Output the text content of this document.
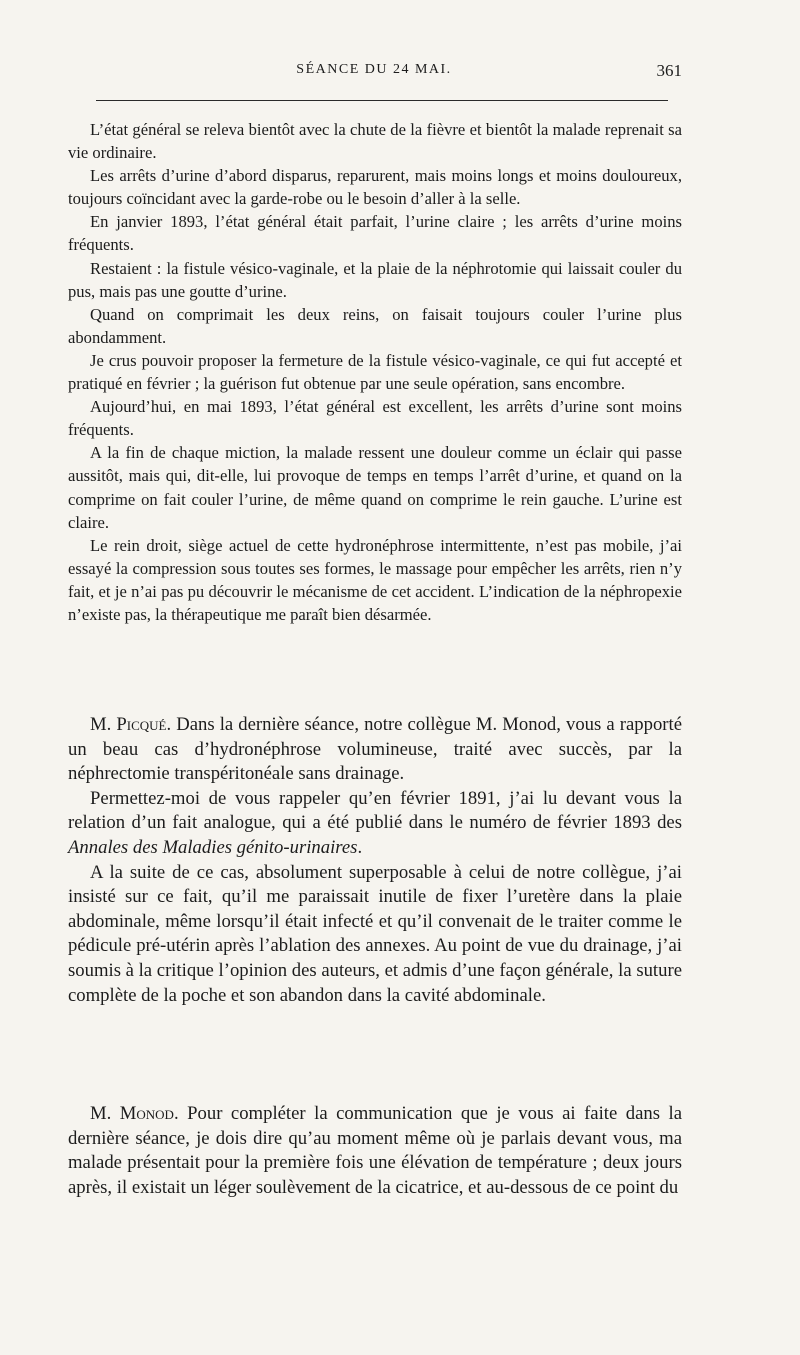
SÉANCE DU 24 MAI.	361

L’état général se releva bientôt avec la chute de la fièvre et bientôt la malade reprenait sa vie ordinaire.

Les arrêts d’urine d’abord disparus, reparurent, mais moins longs et moins douloureux, toujours coïncidant avec la garde-robe ou le besoin d’aller à la selle.

En janvier 1893, l’état général était parfait, l’urine claire ; les arrêts d’urine moins fréquents.

Restaient : la fistule vésico-vaginale, et la plaie de la néphrotomie qui laissait couler du pus, mais pas une goutte d’urine.

Quand on comprimait les deux reins, on faisait toujours couler l’urine plus abondamment.

Je crus pouvoir proposer la fermeture de la fistule vésico-vaginale, ce qui fut accepté et pratiqué en février ; la guérison fut obtenue par une seule opération, sans encombre.

Aujourd’hui, en mai 1893, l’état général est excellent, les arrêts d’urine sont moins fréquents.

A la fin de chaque miction, la malade ressent une douleur comme un éclair qui passe aussitôt, mais qui, dit-elle, lui provoque de temps en temps l’arrêt d’urine, et quand on la comprime on fait couler l’urine, de même quand on comprime le rein gauche. L’urine est claire.

Le rein droit, siège actuel de cette hydronéphrose intermittente, n’est pas mobile, j’ai essayé la compression sous toutes ses formes, le massage pour empêcher les arrêts, rien n’y fait, et je n’ai pas pu découvrir le mécanisme de cet accident. L’indication de la néphropexie n’existe pas, la thérapeutique me paraît bien désarmée.

M. Picqué. Dans la dernière séance, notre collègue M. Monod, vous a rapporté un beau cas d’hydronéphrose volumineuse, traité avec succès, par la néphrectomie transpéritonéale sans drainage.

Permettez-moi de vous rappeler qu’en février 1891, j’ai lu devant vous la relation d’un fait analogue, qui a été publié dans le numéro de février 1893 des Annales des Maladies génito-urinaires.

A la suite de ce cas, absolument superposable à celui de notre collègue, j’ai insisté sur ce fait, qu’il me paraissait inutile de fixer l’uretère dans la plaie abdominale, même lorsqu’il était infecté et qu’il convenait de le traiter comme le pédicule pré-utérin après l’ablation des annexes. Au point de vue du drainage, j’ai soumis à la critique l’opinion des auteurs, et admis d’une façon générale, la suture complète de la poche et son abandon dans la cavité abdominale.

M. Monod. Pour compléter la communication que je vous ai faite dans la dernière séance, je dois dire qu’au moment même où je parlais devant vous, ma malade présentait pour la première fois une élévation de température ; deux jours après, il existait un léger soulèvement de la cicatrice, et au-dessous de ce point du
